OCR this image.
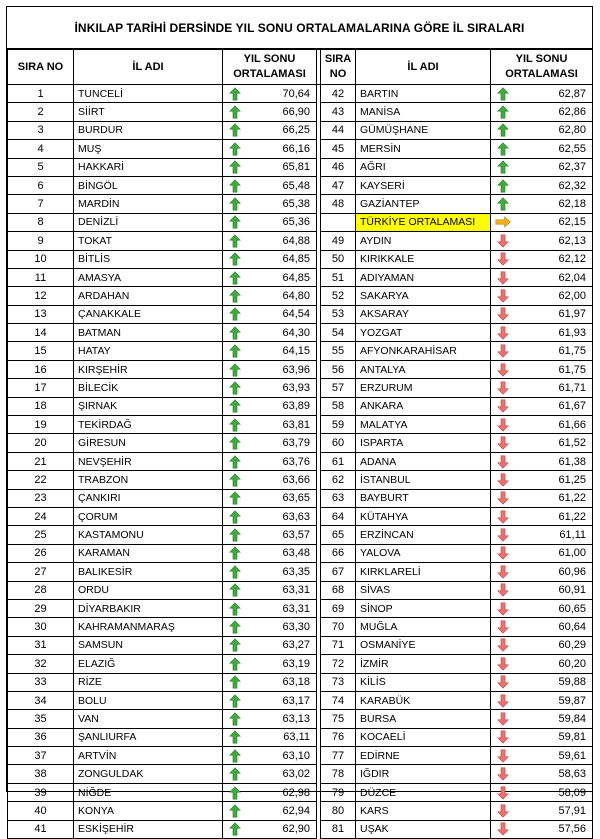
İNKILAP TARİHİ DERSİNDE YIL SONU ORTALAMALARINA GÖRE İL SIRALARI
SIRA NO	İL ADI	YIL SONU ORTALAMASI			SIRA NO	İL ADI	YIL SONU ORTALAMASI	
1	TUNCELİ		70,64		42	BARTIN		62,87
2	SİİRT		66,90		43	MANİSA		62,86
3	BURDUR		66,25		44	GÜMÜŞHANE		62,80
4	MUŞ		66,16		45	MERSİN		62,55
5	HAKKARİ		65,81		46	AĞRI		62,37
6	BİNGÖL		65,48		47	KAYSERİ		62,32
7	MARDİN		65,38		48	GAZİANTEP		62,18
8	DENİZLİ		65,36			TÜRKİYE ORTALAMASI		62,15
9	TOKAT		64,88		49	AYDIN		62,13
10	BİTLİS		64,85		50	KIRIKKALE		62,12
11	AMASYA		64,85		51	ADIYAMAN		62,04
12	ARDAHAN		64,80		52	SAKARYA		62,00
13	ÇANAKKALE		64,54		53	AKSARAY		61,97
14	BATMAN		64,30		54	YOZGAT		61,93
15	HATAY		64,15		55	AFYONKARAHİSAR		61,75
16	KIRŞEHİR		63,96		56	ANTALYA		61,75
17	BİLECİK		63,93		57	ERZURUM		61,71
18	ŞIRNAK		63,89		58	ANKARA		61,67
19	TEKİRDAĞ		63,81		59	MALATYA		61,66
20	GİRESUN		63,79		60	ISPARTA		61,52
21	NEVŞEHİR		63,76		61	ADANA		61,38
22	TRABZON		63,66		62	İSTANBUL		61,25
23	ÇANKIRI		63,65		63	BAYBURT		61,22
24	ÇORUM		63,63		64	KÜTAHYA		61,22
25	KASTAMONU		63,57		65	ERZİNCAN		61,11
26	KARAMAN		63,48		66	YALOVA		61,00
27	BALIKESİR		63,35		67	KIRKLARELİ		60,96
28	ORDU		63,31		68	SİVAS		60,91
29	DİYARBAKIR		63,31		69	SİNOP		60,65
30	KAHRAMANMARAŞ		63,30		70	MUĞLA		60,64
31	SAMSUN		63,27		71	OSMANİYE		60,29
32	ELAZIĞ		63,19		72	İZMİR		60,20
33	RİZE		63,18		73	KİLİS		59,88
34	BOLU		63,17		74	KARABÜK		59,87
35	VAN		63,13		75	BURSA		59,84
36	ŞANLIURFA		63,11		76	KOCAELİ		59,81
37	ARTVİN		63,10		77	EDİRNE		59,61
38	ZONGULDAK		63,02		78	IĞDIR		58,63
39	NİĞDE		62,98		79	DÜZCE		58,09
40	KONYA		62,94		80	KARS		57,91
41	ESKİŞEHİR		62,90		81	UŞAK		57,56
